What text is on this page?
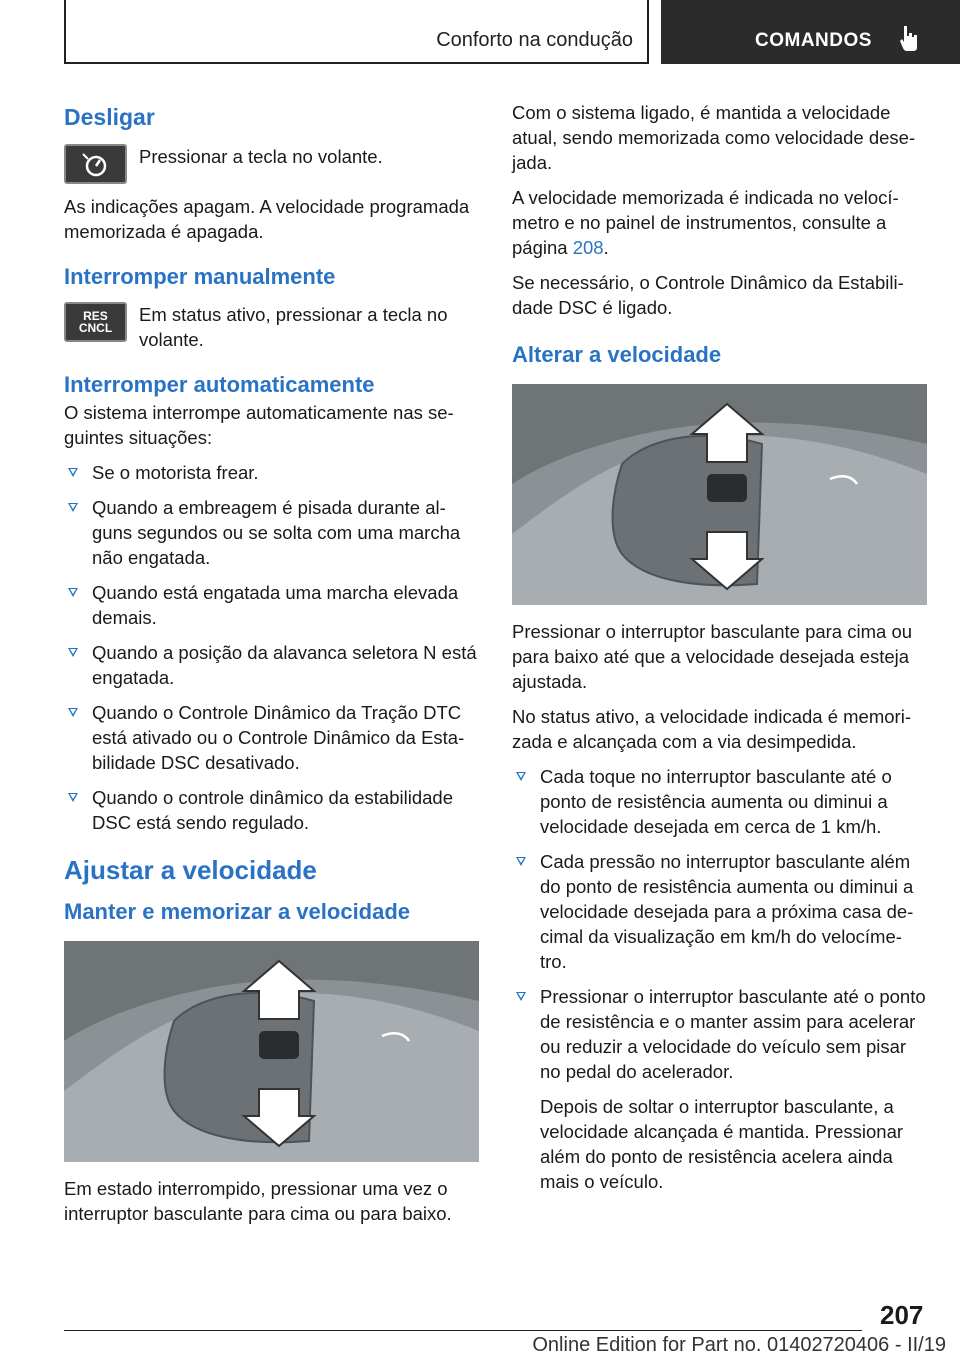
Conforto na condução	COMANDOS
Desligar
Pressionar a tecla no volante.

As indicações apagam. A velocidade programada memorizada é apagada.

Interromper manualmente
RES
CNCL
Em status ativo, pressionar a tecla no volante.
Interromper automaticamente

O sistema interrompe automaticamente nas se‐guintes situações:

Se o motorista frear.
Quando a embreagem é pisada durante al‐guns segundos ou se solta com uma marcha não engatada.
Quando está engatada uma marcha elevada demais.
Quando a posição da alavanca seletora N está engatada.
Quando o Controle Dinâmico da Tração DTC está ativado ou o Controle Dinâmico da Esta‐bilidade DSC desativado.
Quando o controle dinâmico da estabilidade DSC está sendo regulado.
Ajustar a velocidade
Manter e memorizar a velocidade

Em estado interrompido, pressionar uma vez o interruptor basculante para cima ou para baixo.

Com o sistema ligado, é mantida a velocidade atual, sendo memorizada como velocidade dese‐jada.

A velocidade memorizada é indicada no velocí‐metro e no painel de instrumentos, consulte a página 208.

Se necessário, o Controle Dinâmico da Estabili‐dade DSC é ligado.

Alterar a velocidade

Pressionar o interruptor basculante para cima ou para baixo até que a velocidade desejada esteja ajustada.

No status ativo, a velocidade indicada é memori‐zada e alcançada com a via desimpedida.

Cada toque no interruptor basculante até o ponto de resistência aumenta ou diminui a velocidade desejada em cerca de 1 km/h.
Cada pressão no interruptor basculante além do ponto de resistência aumenta ou diminui a velocidade desejada para a próxima casa de‐cimal da visualização em km/h do velocíme‐tro.
Pressionar o interruptor basculante até o ponto de resistência e o manter assim para acelerar ou reduzir a velocidade do veículo sem pisar no pedal do acelerador.

Depois de soltar o interruptor basculante, a velocidade alcançada é mantida. Pressionar além do ponto de resistência acelera ainda mais o veículo.

207
Online Edition for Part no. 01402720406 - II/19
